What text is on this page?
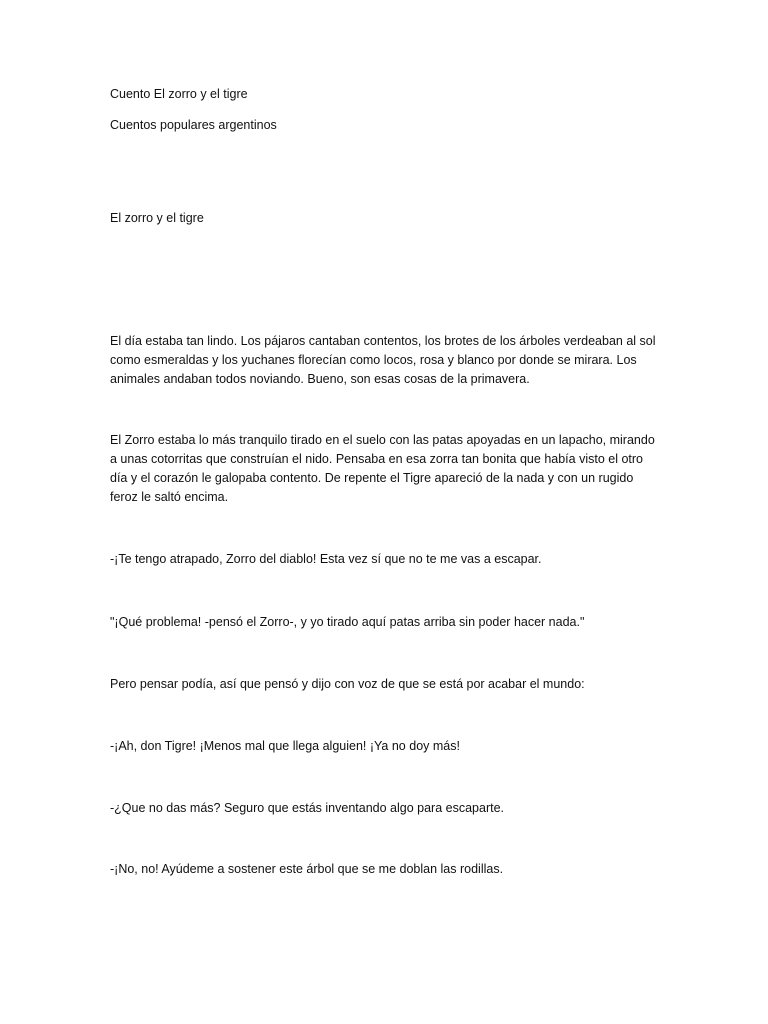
Cuento El zorro y el tigre

Cuentos populares argentinos

El zorro y el tigre

El día estaba tan lindo. Los pájaros cantaban contentos, los brotes de los árboles verdeaban al sol como esmeraldas y los yuchanes florecían como locos, rosa y blanco por donde se mirara. Los animales andaban todos noviando. Bueno, son esas cosas de la primavera.

El Zorro estaba lo más tranquilo tirado en el suelo con las patas apoyadas en un lapacho, mirando a unas cotorritas que construían el nido. Pensaba en esa zorra tan bonita que había visto el otro día y el corazón le galopaba contento. De repente el Tigre apareció de la nada y con un rugido feroz le saltó encima.

-¡Te tengo atrapado, Zorro del diablo! Esta vez sí que no te me vas a escapar.

"¡Qué problema! -pensó el Zorro-, y yo tirado aquí patas arriba sin poder hacer nada."

Pero pensar podía, así que pensó y dijo con voz de que se está por acabar el mundo:

-¡Ah, don Tigre! ¡Menos mal que llega alguien! ¡Ya no doy más!

-¿Que no das más? Seguro que estás inventando algo para escaparte.

-¡No, no! Ayúdeme a sostener este árbol que se me doblan las rodillas.
